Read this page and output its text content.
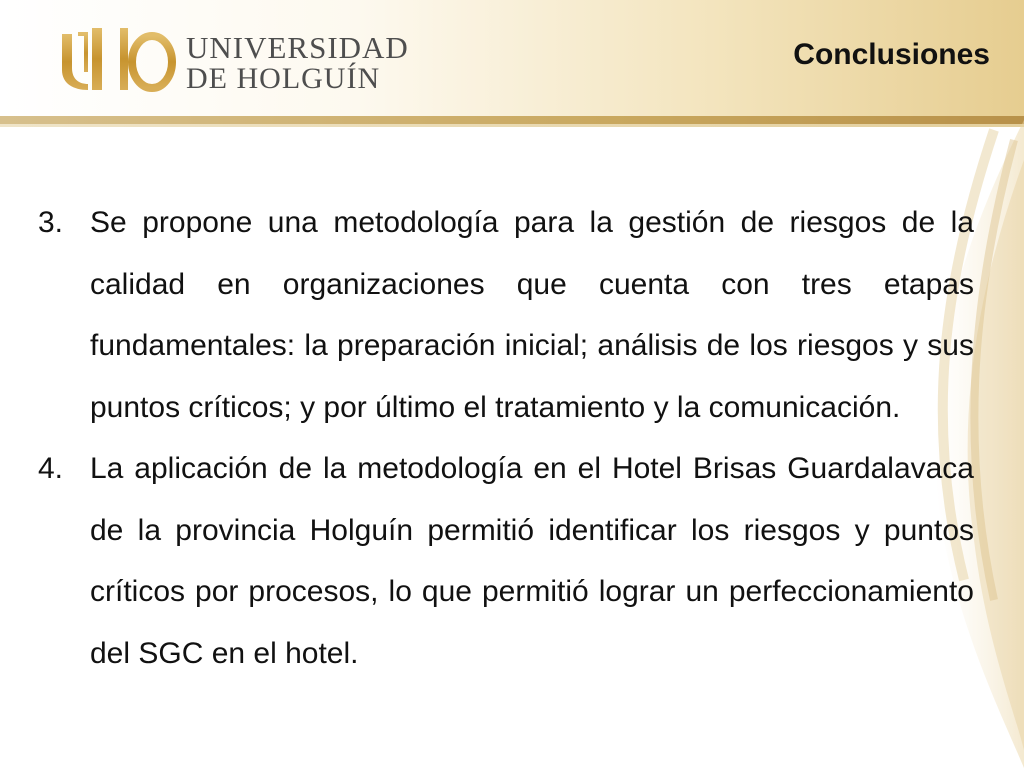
UNIVERSIDAD
DE HOLGUÍN
Conclusiones
3. Se propone una metodología para la gestión de riesgos de la calidad en organizaciones que cuenta con tres etapas fundamentales: la preparación inicial; análisis de los riesgos y sus puntos críticos; y por último el tratamiento y la comunicación.
4. La aplicación de la metodología en el Hotel Brisas Guardalavaca de la provincia Holguín permitió identificar los riesgos y puntos críticos por procesos, lo que permitió lograr un perfeccionamiento del SGC en el hotel.
